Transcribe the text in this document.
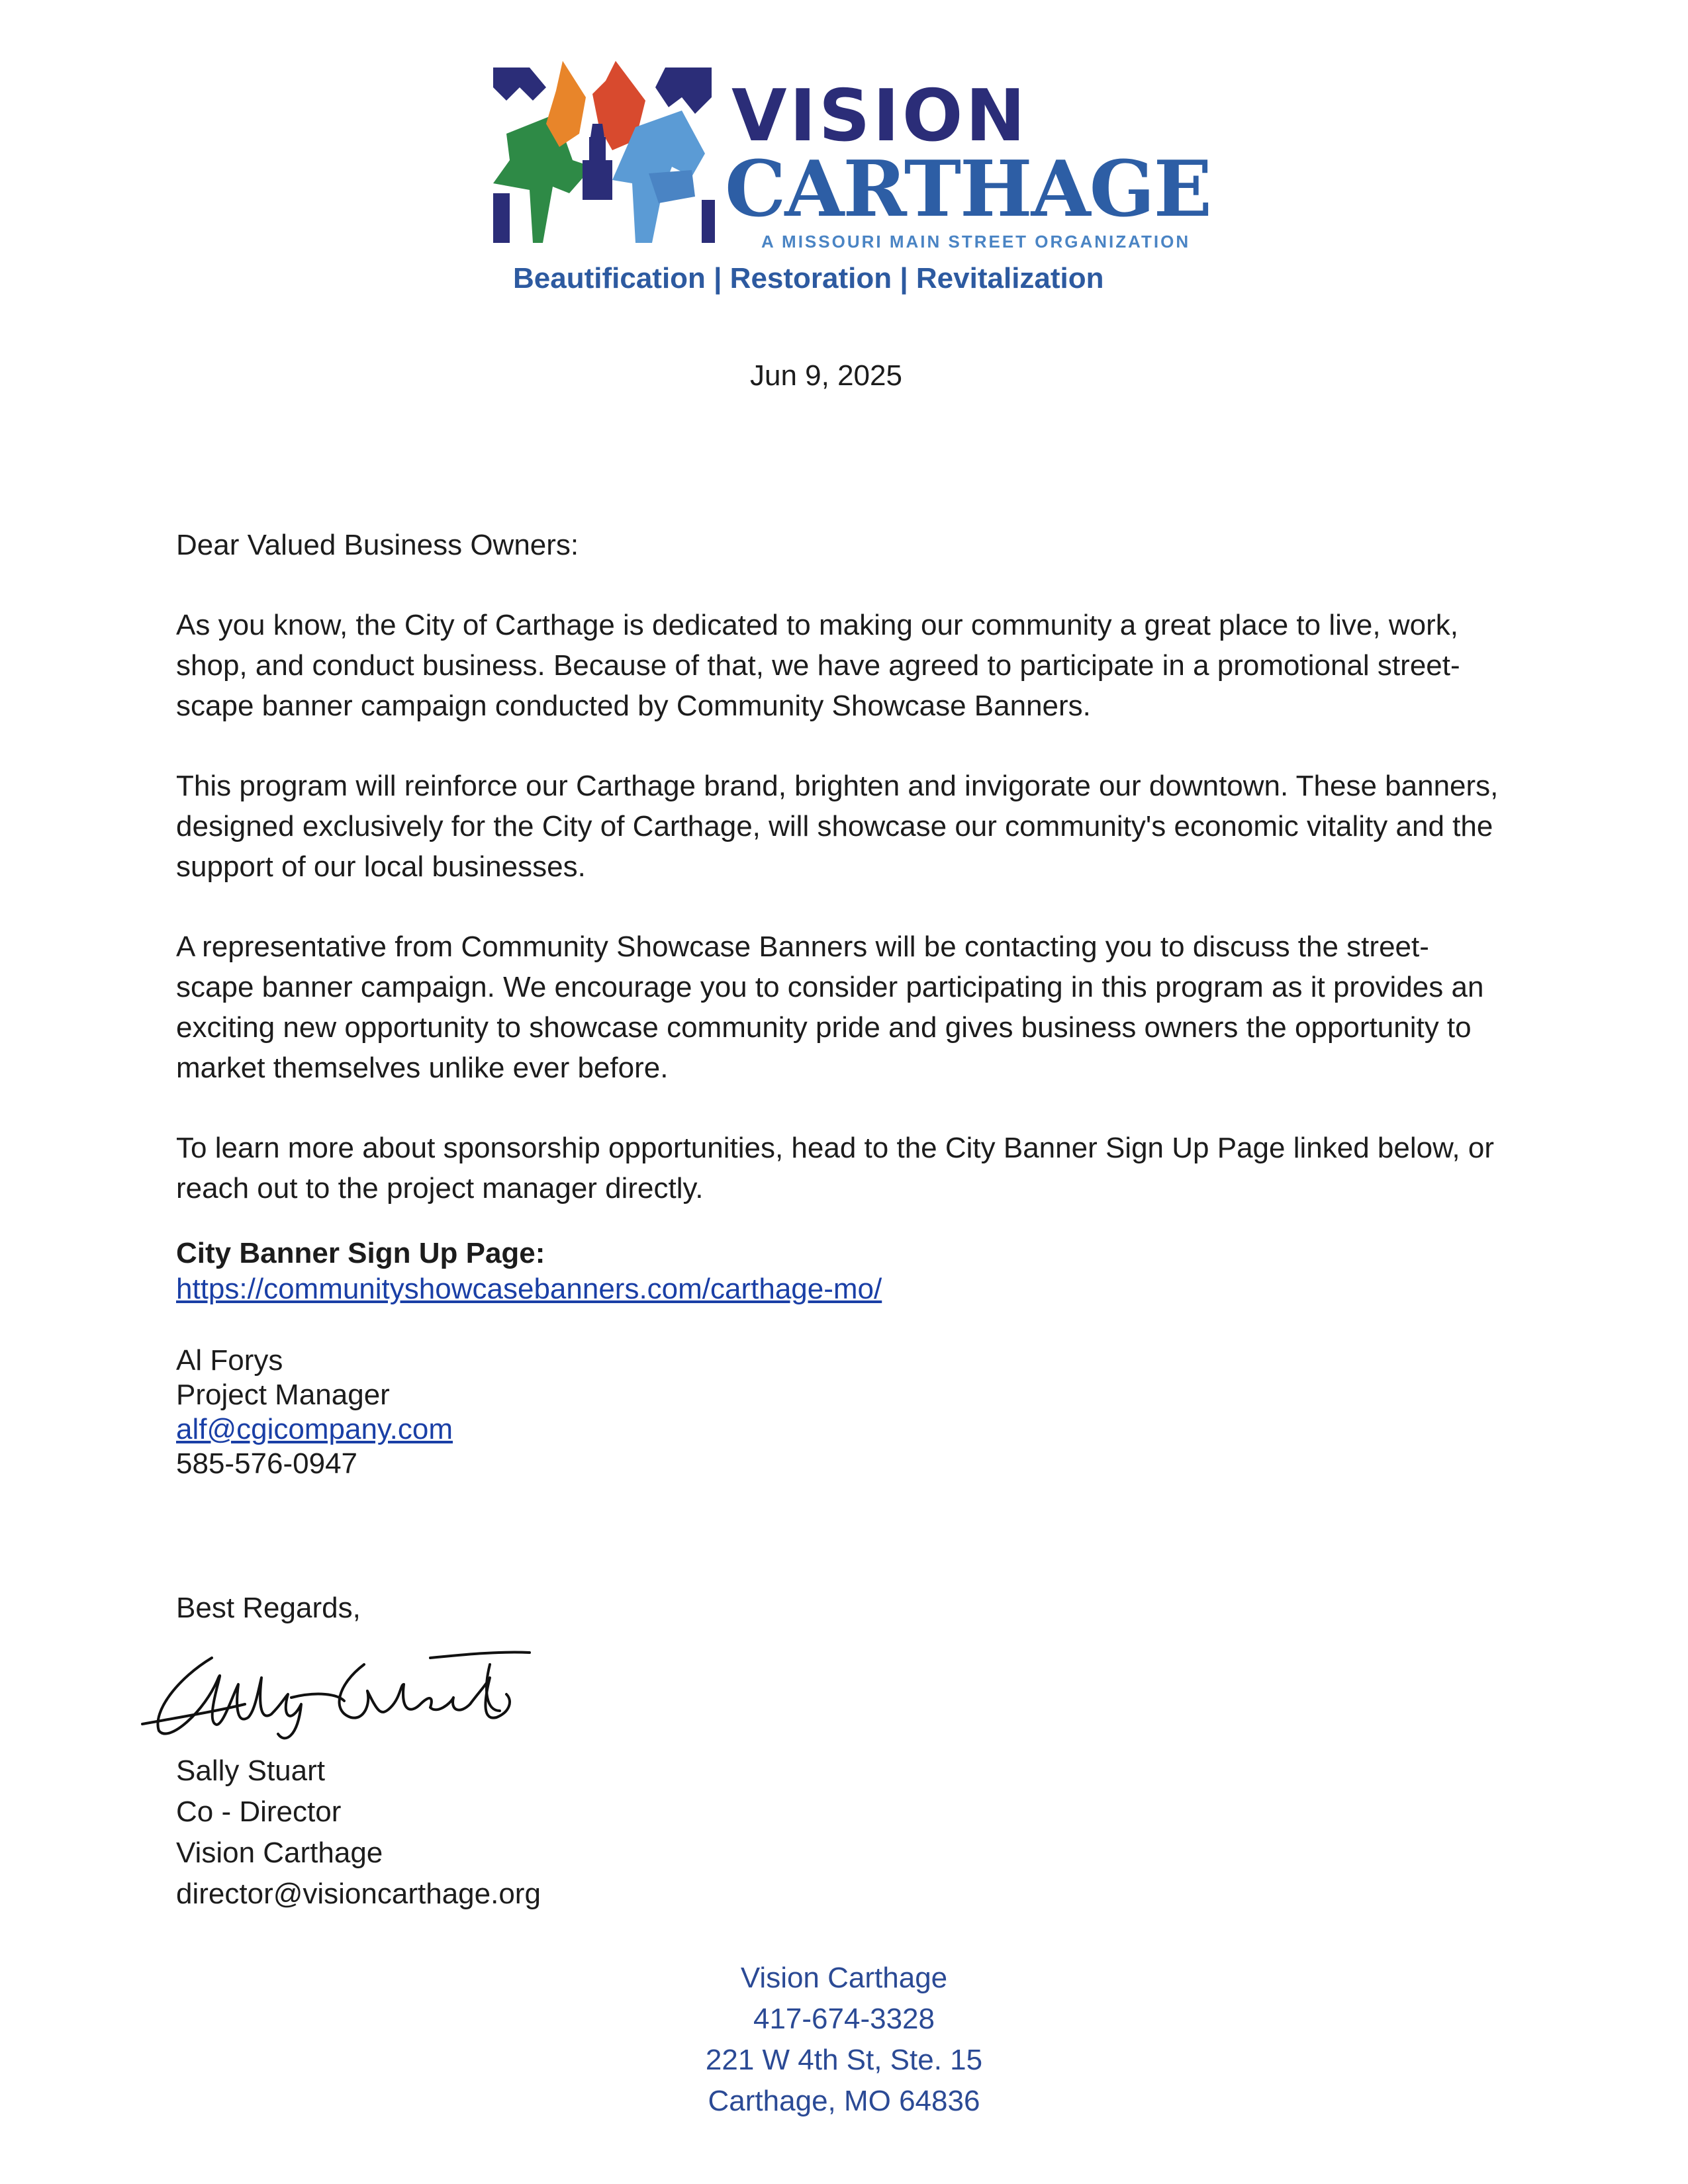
VISION
CARTHAGE
A MISSOURI MAIN STREET ORGANIZATION
Beautification | Restoration | Revitalization
Jun 9, 2025
Dear Valued Business Owners:
As you know, the City of Carthage is dedicated to making our community a great place to live, work, shop, and conduct business. Because of that, we have agreed to participate in a promotional street-scape banner campaign conducted by Community Showcase Banners.
This program will reinforce our Carthage brand, brighten and invigorate our downtown. These banners, designed exclusively for the City of Carthage, will showcase our community's economic vitality and the support of our local businesses.
A representative from Community Showcase Banners will be contacting you to discuss the street-scape banner campaign. We encourage you to consider participating in this program as it provides an exciting new opportunity to showcase community pride and gives business owners the opportunity to market themselves unlike ever before.
To learn more about sponsorship opportunities, head to the City Banner Sign Up Page linked below, or reach out to the project manager directly.
City Banner Sign Up Page:
https://communityshowcasebanners.com/carthage-mo/
Al Forys
Project Manager
alf@cgicompany.com
585-576-0947
Best Regards,
Sally Stuart
Co - Director
Vision Carthage
director@visioncarthage.org
Vision Carthage
417-674-3328
221 W 4th St, Ste. 15
Carthage, MO 64836
